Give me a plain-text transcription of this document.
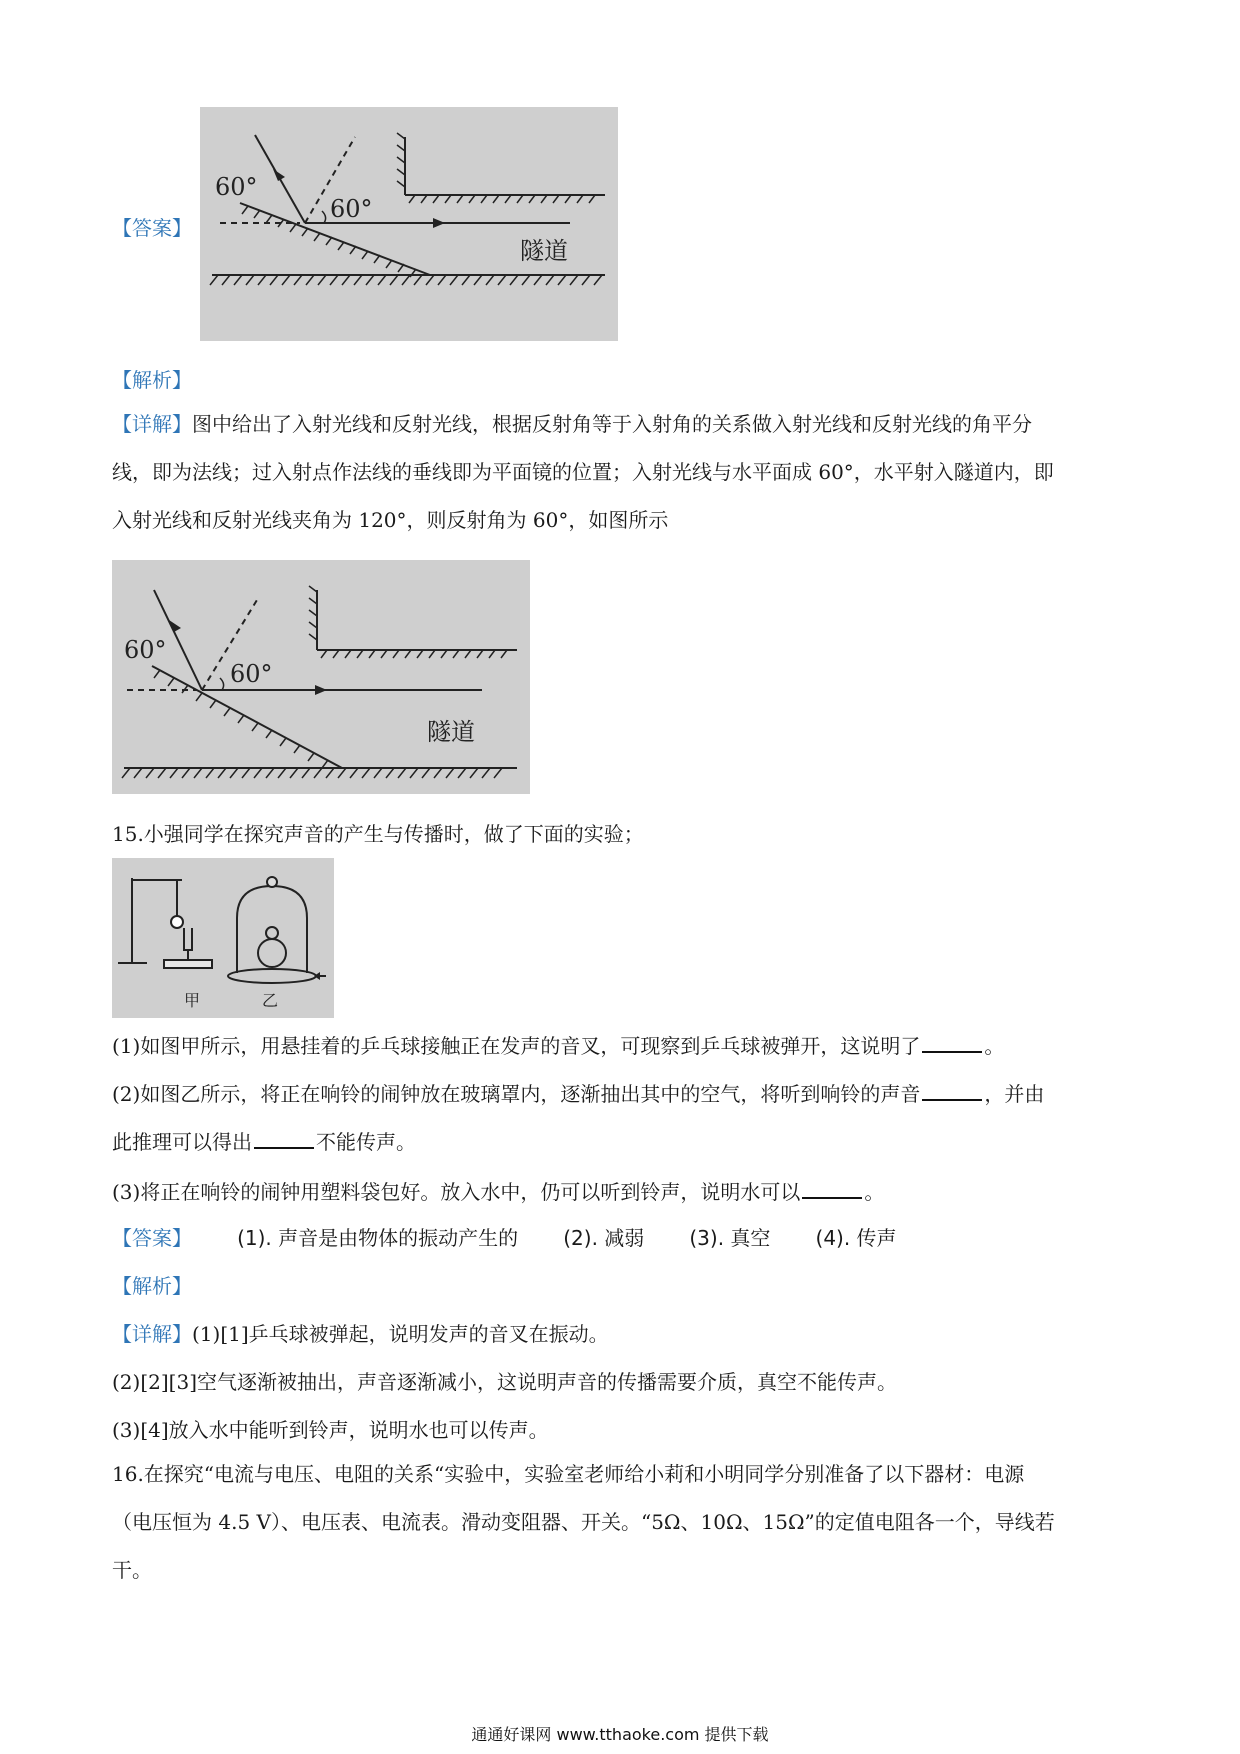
【答案】
60°
60°
隧道
【解析】
【详解】图中给出了入射光线和反射光线，根据反射角等于入射角的关系做入射光线和反射光线的角平分
线，即为法线；过入射点作法线的垂线即为平面镜的位置；入射光线与水平面成 60°，水平射入隧道内，即
入射光线和反射光线夹角为 120°，则反射角为 60°，如图所示
60°
60°
隧道
15.小强同学在探究声音的产生与传播时，做了下面的实验；
甲	乙
(1)如图甲所示，用悬挂着的乒乓球接触正在发声的音叉，可现察到乒乓球被弹开，这说明了	。
(2)如图乙所示，将正在响铃的闹钟放在玻璃罩内，逐渐抽出其中的空气，将听到响铃的声音	，并由
此推理可以得出	不能传声。
(3)将正在响铃的闹钟用塑料袋包好。放入水中，仍可以听到铃声，说明水可以	。
【答案】 (1). 声音是由物体的振动产生的 (2). 减弱 (3). 真空 (4). 传声
【解析】
【详解】(1)[1]乒乓球被弹起，说明发声的音叉在振动。
(2)[2][3]空气逐渐被抽出，声音逐渐减小，这说明声音的传播需要介质，真空不能传声。
(3)[4]放入水中能听到铃声，说明水也可以传声。
16.在探究“电流与电压、电阻的关系“实验中，实验室老师给小莉和小明同学分别准备了以下器材：电源
（电压恒为 4.5 V）、电压表、电流表。滑动变阻器、开关。“5Ω、10Ω、15Ω”的定值电阻各一个，导线若
干。
通通好课网 www.tthaoke.com 提供下载
